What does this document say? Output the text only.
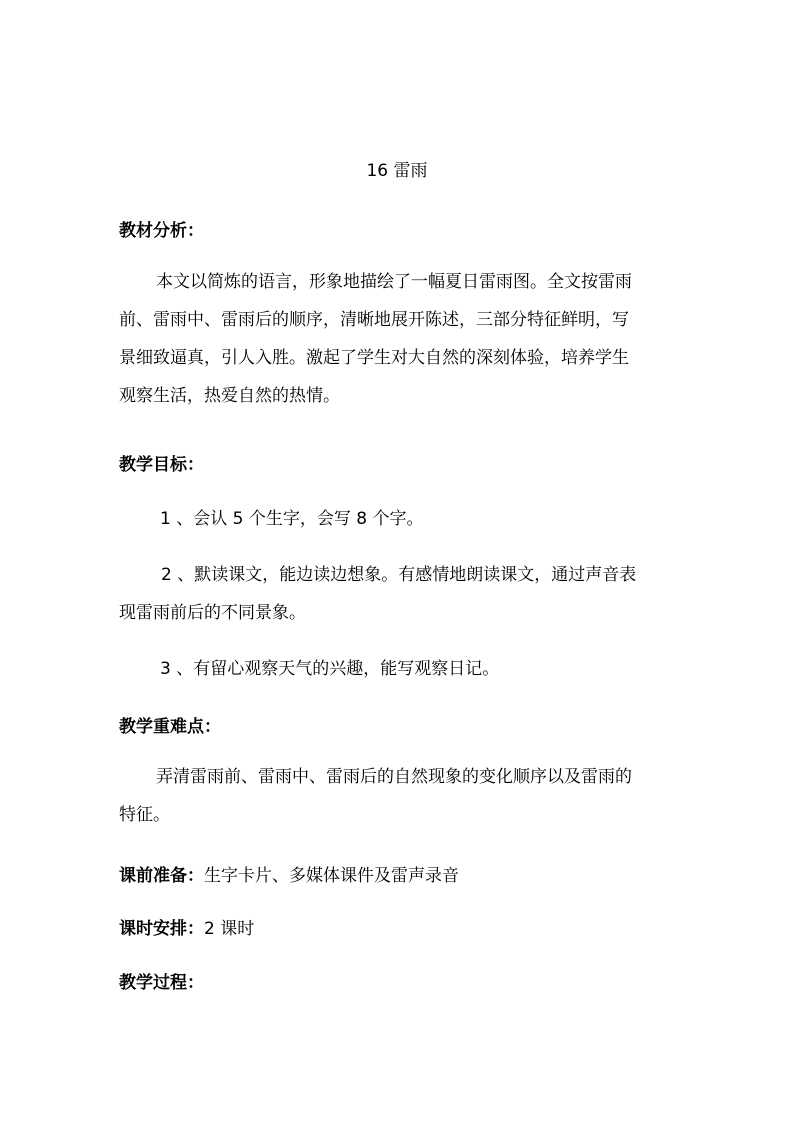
16 雷雨
教材分析：
本文以简炼的语言，形象地描绘了一幅夏日雷雨图。全文按雷雨
前、雷雨中、雷雨后的顺序，清晰地展开陈述，三部分特征鲜明，写
景细致逼真，引人入胜。激起了学生对大自然的深刻体验，培养学生
观察生活，热爱自然的热情。
教学目标：
1 、会认 5 个生字，会写 8 个字。
2 、默读课文，能边读边想象。有感情地朗读课文，通过声音表
现雷雨前后的不同景象。
3 、有留心观察天气的兴趣，能写观察日记。
教学重难点：
弄清雷雨前、雷雨中、雷雨后的自然现象的变化顺序以及雷雨的
特征。
课前准备：生字卡片、多媒体课件及雷声录音
课时安排：2 课时
教学过程：
